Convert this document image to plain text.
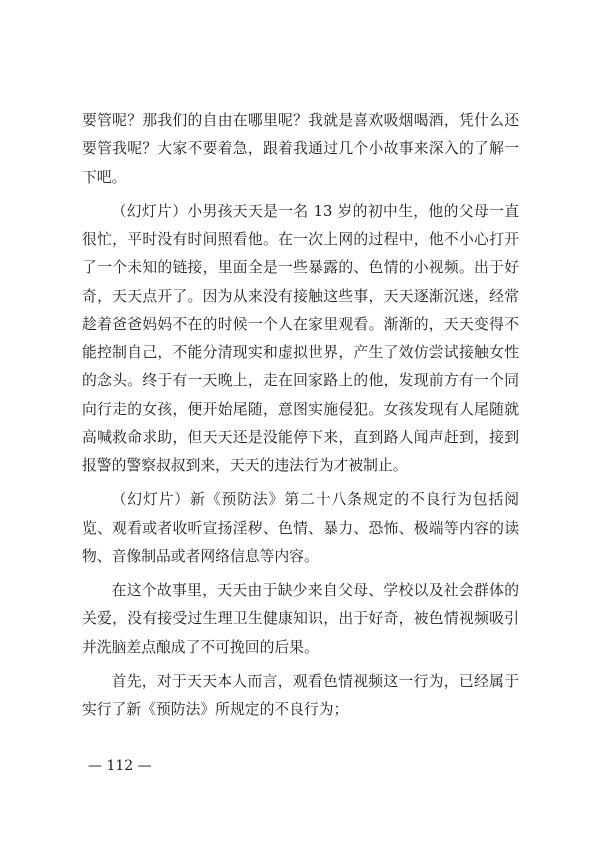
要管呢？那我们的自由在哪里呢？我就是喜欢吸烟喝酒，凭什么还要管我呢？大家不要着急，跟着我通过几个小故事来深入的了解一下吧。

（幻灯片）小男孩天天是一名 13 岁的初中生，他的父母一直很忙，平时没有时间照看他。在一次上网的过程中，他不小心打开了一个未知的链接，里面全是一些暴露的、色情的小视频。出于好奇，天天点开了。因为从来没有接触这些事，天天逐渐沉迷，经常趁着爸爸妈妈不在的时候一个人在家里观看。渐渐的，天天变得不能控制自己，不能分清现实和虚拟世界，产生了效仿尝试接触女性的念头。终于有一天晚上，走在回家路上的他，发现前方有一个同向行走的女孩，便开始尾随，意图实施侵犯。女孩发现有人尾随就高喊救命求助，但天天还是没能停下来，直到路人闻声赶到，接到报警的警察叔叔到来，天天的违法行为才被制止。

（幻灯片）新《预防法》第二十八条规定的不良行为包括阅览、观看或者收听宣扬淫秽、色情、暴力、恐怖、极端等内容的读物、音像制品或者网络信息等内容。

在这个故事里，天天由于缺少来自父母、学校以及社会群体的关爱，没有接受过生理卫生健康知识，出于好奇，被色情视频吸引并洗脑差点酿成了不可挽回的后果。

首先，对于天天本人而言，观看色情视频这一行为，已经属于实行了新《预防法》所规定的不良行为；

— 112 —
